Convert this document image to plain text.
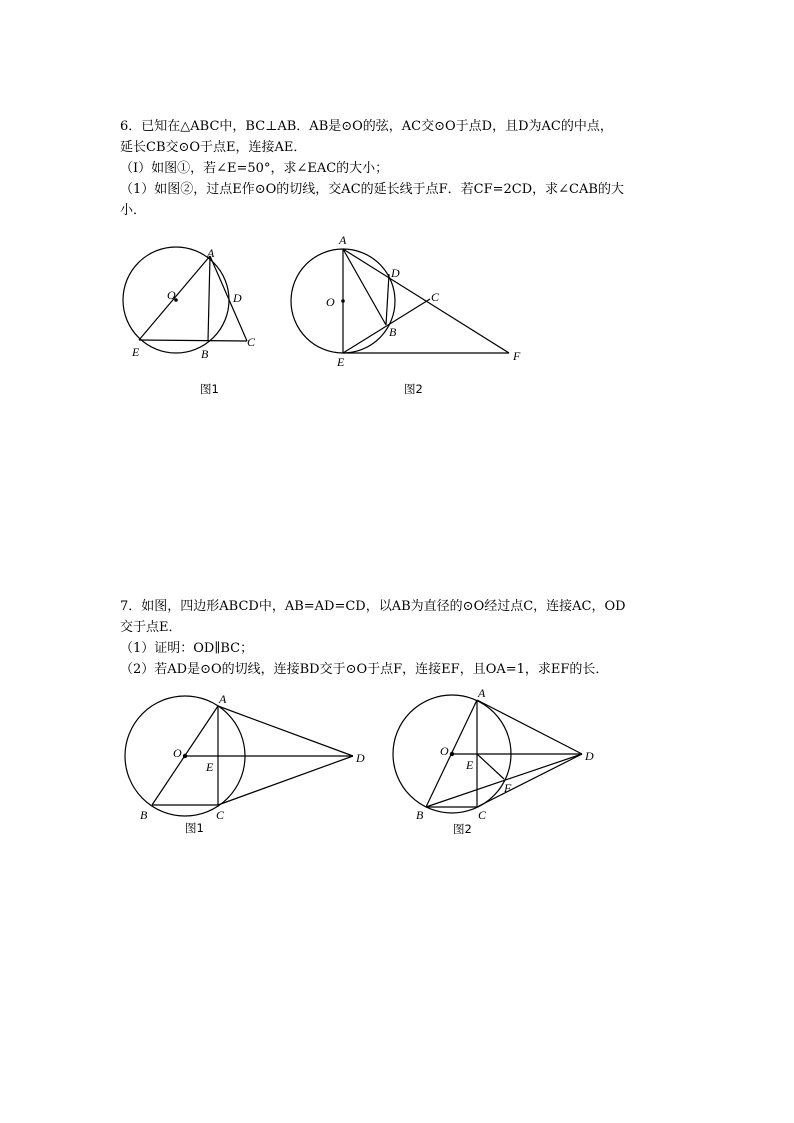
6．已知在△ABC中，BC⊥AB．AB是⊙O的弦，AC交⊙O于点D，且D为AC的中点，
延长CB交⊙O于点E，连接AE．
（I）如图①，若∠E=50°，求∠EAC的大小；
（1）如图②，过点E作⊙O的切线，交AC的延长线于点F．若CF=2CD，求∠CAB的大
小．
A
O	D
E	B
C
图1
A
D
C
O
B
E	F
图2
7．如图，四边形ABCD中，AB=AD=CD，以AB为直径的⊙O经过点C，连接AC，OD
交于点E．
（1）证明：OD∥BC；
（2）若AD是⊙O的切线，连接BD交于⊙O于点F，连接EF，且OA=1，求EF的长．
A
O
E
D
B	C
图1
A
O
E
F
D
B	C
图2
